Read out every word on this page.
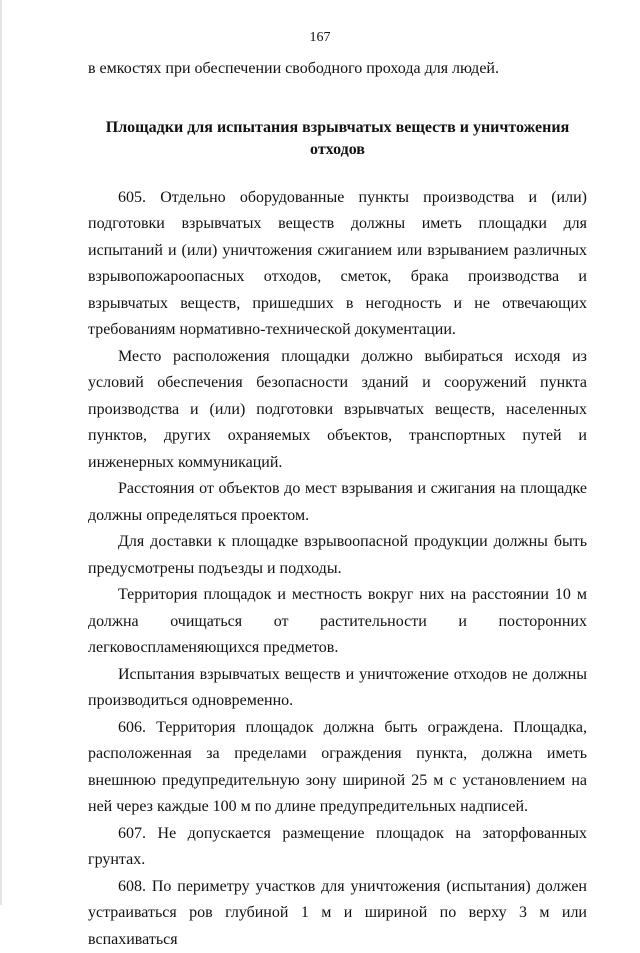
167

в емкостях при обеспечении свободного прохода для людей.

Площадки для испытания взрывчатых веществ и уничтожения отходов

605. Отдельно оборудованные пункты производства и (или) подготовки взрывчатых веществ должны иметь площадки для испытаний и (или) уничтожения сжиганием или взрыванием различных взрывопожароопасных отходов, сметок, брака производства и взрывчатых веществ, пришедших в негодность и не отвечающих требованиям нормативно-технической документации.

Место расположения площадки должно выбираться исходя из условий обеспечения безопасности зданий и сооружений пункта производства и (или) подготовки взрывчатых веществ, населенных пунктов, других охраняемых объектов, транспортных путей и инженерных коммуникаций.

Расстояния от объектов до мест взрывания и сжигания на площадке должны определяться проектом.

Для доставки к площадке взрывоопасной продукции должны быть предусмотрены подъезды и подходы.

Территория площадок и местность вокруг них на расстоянии 10 м должна очищаться от растительности и посторонних легковоспламеняющихся предметов.

Испытания взрывчатых веществ и уничтожение отходов не должны производиться одновременно.

606. Территория площадок должна быть ограждена. Площадка, расположенная за пределами ограждения пункта, должна иметь внешнюю предупредительную зону шириной 25 м с установлением на ней через каждые 100 м по длине предупредительных надписей.

607. Не допускается размещение площадок на заторфованных грунтах.

608. По периметру участков для уничтожения (испытания) должен устраиваться ров глубиной 1 м и шириной по верху 3 м или вспахиваться
